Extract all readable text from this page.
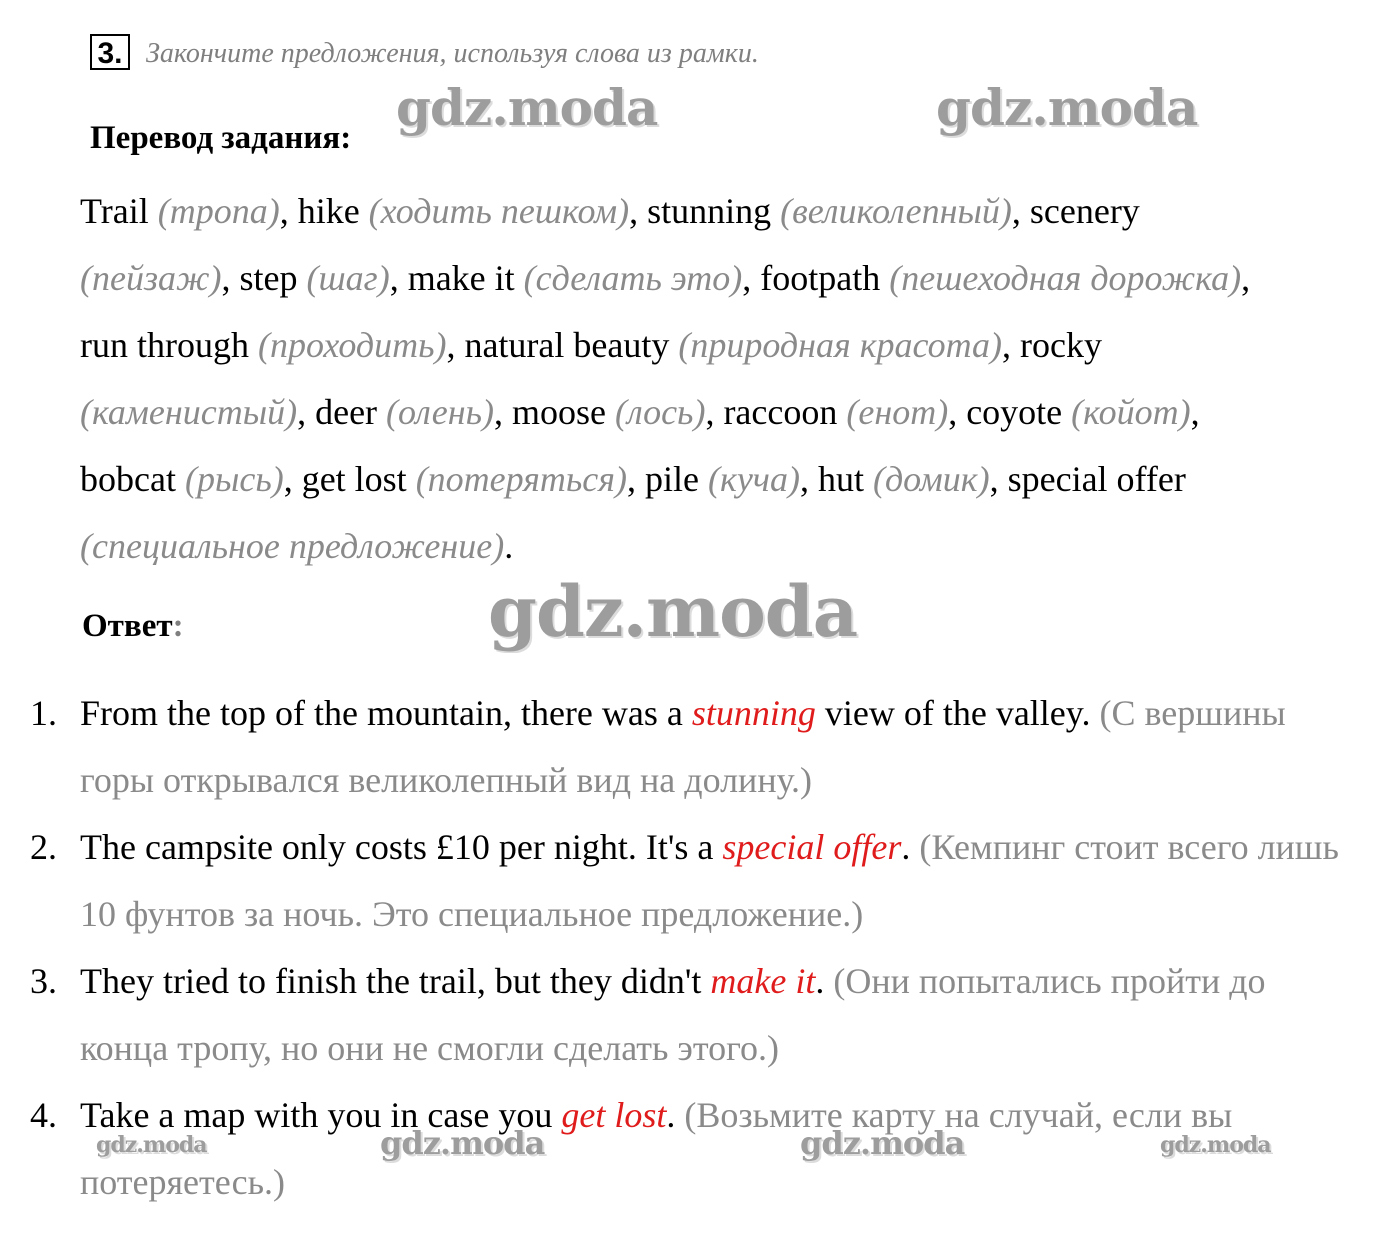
3. Закончите предложения, используя слова из рамки.
gdz.moda	gdz.moda
Перевод задания:
Trail (тропа), hike (ходить пешком), stunning (великолепный), scenery (пейзаж), step (шаг), make it (сделать это), footpath (пешеходная дорожка), run through (проходить), natural beauty (природная красота), rocky (каменистый), deer (олень), moose (лось), raccoon (енот), coyote (койот), bobcat (рысь), get lost (потеряться), pile (куча), hut (домик), special offer (специальное предложение).
Ответ:	gdz.moda
1. From the top of the mountain, there was a stunning view of the valley. (С вершины горы открывался великолепный вид на долину.)
2. The campsite only costs £10 per night. It's a special offer. (Кемпинг стоит всего лишь 10 фунтов за ночь. Это специальное предложение.)
3. They tried to finish the trail, but they didn't make it. (Они попытались пройти до конца тропу, но они не смогли сделать этого.)
4. Take a map with you in case you get lost. (Возьмите карту на случай, если вы потеряетесь.)
gdz.moda	gdz.moda	gdz.moda	gdz.moda
